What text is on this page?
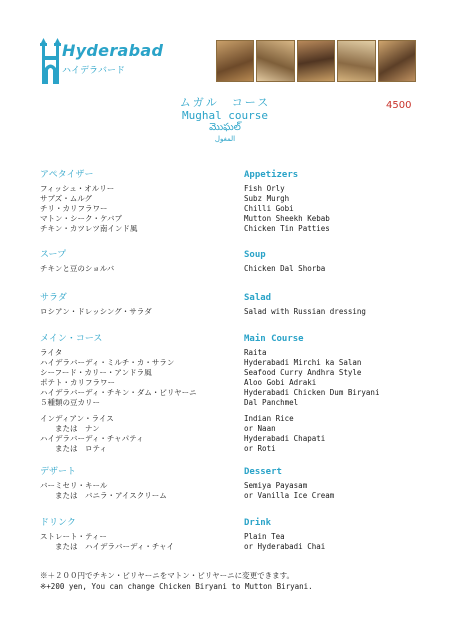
Hyderabad
ハイデラバード
ムガル　コース
Mughal course
మొఘల్
المغول
4500
アペタイザー	Appetizers
フィッシュ・オルリー
サブズ・ムルグ
チリ・カリフラワー
マトン・シーク・ケバブ
チキン・カツレツ南インド風
Fish Orly
Subz Murgh
Chilli Gobi
Mutton Sheekh Kebab
Chicken Tin Patties
スープ	Soup
チキンと豆のショルバ	Chicken Dal Shorba
サラダ	Salad
ロシアン・ドレッシング・サラダ	Salad with Russian dressing
メイン・コース	Main Course
ライタ
ハイデラバーディ・ミルチ・カ・サラン
シーフード・カリー・アンドラ風
ポテト・カリフラワー
ハイデラバーディ・チキン・ダム・ビリヤーニ
５種類の豆カリー
インディアン・ライス
　　または　ナン
ハイデラバーディ・チャパティ
　　または　ロティ
Raita
Hyderabadi Mirchi ka Salan
Seafood Curry Andhra Style
Aloo Gobi Adraki
Hyderabadi Chicken Dum Biryani
Dal Panchmel
Indian Rice
or Naan
Hyderabadi Chapati
or Roti
デザート	Dessert
バーミセリ・キール
　　または　バニラ・アイスクリーム
Semiya Payasam
or Vanilla Ice Cream
ドリンク	Drink
ストレート・ティー
　　または　ハイデラバーディ・チャイ
Plain Tea
or Hyderabadi Chai
※＋２００円でチキン・ビリヤーニをマトン・ビリヤーニに変更できます。
※+200 yen, You can change Chicken Biryani to Mutton Biryani.
